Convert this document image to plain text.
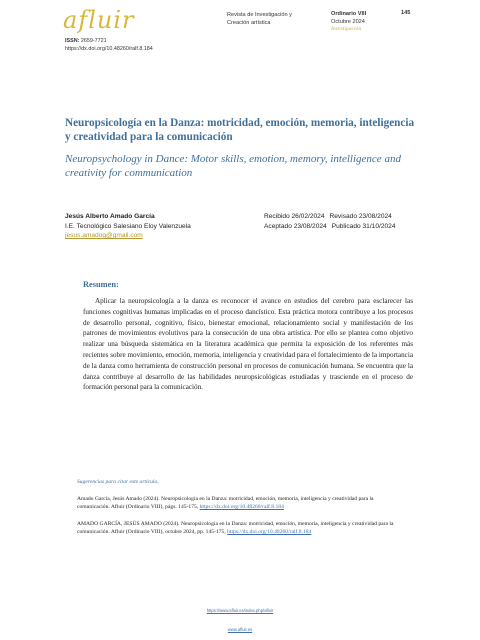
afluir	Revista de Investigación y
Creación artística
Ordinario VIII
Octubre 2024
Investigación
145
ISSN: 2659-7721
https://dx.doi.org/10.48260/ralf.8.184
Neuropsicología en la Danza: motricidad, emoción, memoria, inteligencia y creatividad para la comunicación
Neuropsychology in Dance: Motor skills, emotion, memory, intelligence and creativity for communication
Jesús Alberto Amado García
I.E. Tecnológico Salesiano Eloy Valenzuela
jesus.amadog@gmail.com
Recibido 26/02/2024 Revisado 23/08/2024
Aceptado 23/08/2024 Publicado 31/10/2024
Resumen:
Aplicar la neuropsicología a la danza es reconocer el avance en estudios del cerebro para esclarecer las funciones cognitivas humanas implicadas en el proceso dancístico. Esta práctica motora contribuye a los procesos de desarrollo personal, cognitivo, físico, bienestar emocional, relacionamiento social y manifestación de los patrones de movimientos evolutivos para la consecución de una obra artística. Por ello se plantea como objetivo realizar una búsqueda sistemática en la literatura académica que permita la exposición de los referentes más recientes sobre movimiento, emoción, memoria, inteligencia y creatividad para el fortalecimiento de la importancia de la danza como herramienta de construcción personal en procesos de comunicación humana. Se encuentra que la danza contribuye al desarrollo de las habilidades neuropsicológicas estudiadas y trasciende en el proceso de formación personal para la comunicación.
Sugerencias para citar este artículo,
Amado García, Jesús Amado (2024). Neuropsicología en la Danza: motricidad, emoción, memoria, inteligencia y creatividad para la comunicación. Afluir (Ordinario VIII), págs. 145-175, https://dx.doi.org/10.48260/ralf.8.184
AMADO GARCÍA, JESÚS AMADO (2024). Neuropsicología en la Danza: motricidad, emoción, memoria, inteligencia y creatividad para la comunicación. Afluir (Ordinario VIII), octubre 2024, pp. 145-175, https://dx.doi.org/10.48260/ralf.8.184
https://www.afluir.es/index.php/afluir
www.afluir.es
